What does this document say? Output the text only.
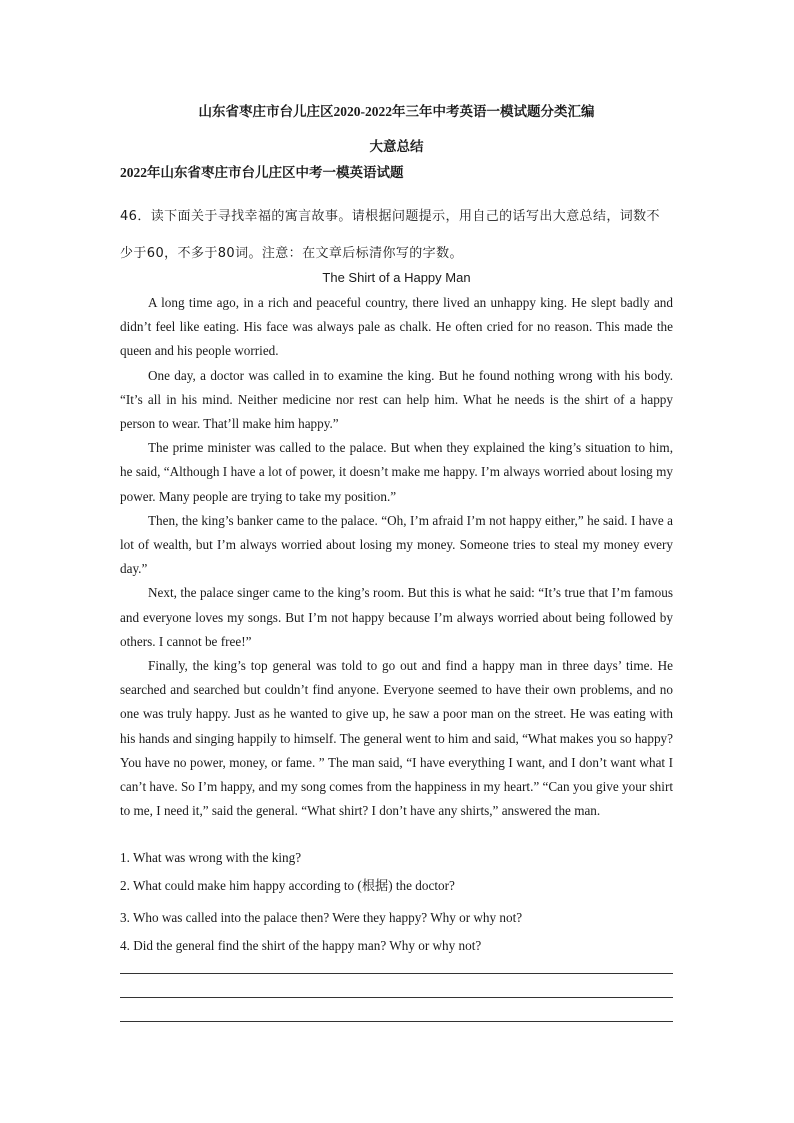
山东省枣庄市台儿庄区2020-2022年三年中考英语一模试题分类汇编
大意总结
2022年山东省枣庄市台儿庄区中考一模英语试题
46．读下面关于寻找幸福的寓言故事。请根据问题提示，用自己的话写出大意总结，词数不少于60，不多于80词。注意：在文章后标清你写的字数。
The Shirt of a Happy Man

A long time ago, in a rich and peaceful country, there lived an unhappy king. He slept badly and didn’t feel like eating. His face was always pale as chalk. He often cried for no reason. This made the queen and his people worried.

One day, a doctor was called in to examine the king. But he found nothing wrong with his body. “It’s all in his mind. Neither medicine nor rest can help him. What he needs is the shirt of a happy person to wear. That’ll make him happy.”

The prime minister was called to the palace. But when they explained the king’s situation to him, he said, “Although I have a lot of power, it doesn’t make me happy. I’m always worried about losing my power. Many people are trying to take my position.”

Then, the king’s banker came to the palace. “Oh, I’m afraid I’m not happy either,” he said. I have a lot of wealth, but I’m always worried about losing my money. Someone tries to steal my money every day.”

Next, the palace singer came to the king’s room. But this is what he said: “It’s true that I’m famous and everyone loves my songs. But I’m not happy because I’m always worried about being followed by others. I cannot be free!”

Finally, the king’s top general was told to go out and find a happy man in three days’ time. He searched and searched but couldn’t find anyone. Everyone seemed to have their own problems, and no one was truly happy. Just as he wanted to give up, he saw a poor man on the street. He was eating with his hands and singing happily to himself. The general went to him and said, “What makes you so happy? You have no power, money, or fame. ” The man said, “I have everything I want, and I don’t want what I can’t have. So I’m happy, and my song comes from the happiness in my heart.” “Can you give your shirt to me, I need it,” said the general. “What shirt? I don’t have any shirts,” answered the man.

1. What was wrong with the king?
2. What could make him happy according to (根据) the doctor?
3. Who was called into the palace then? Were they happy? Why or why not?
4. Did the general find the shirt of the happy man? Why or why not?
